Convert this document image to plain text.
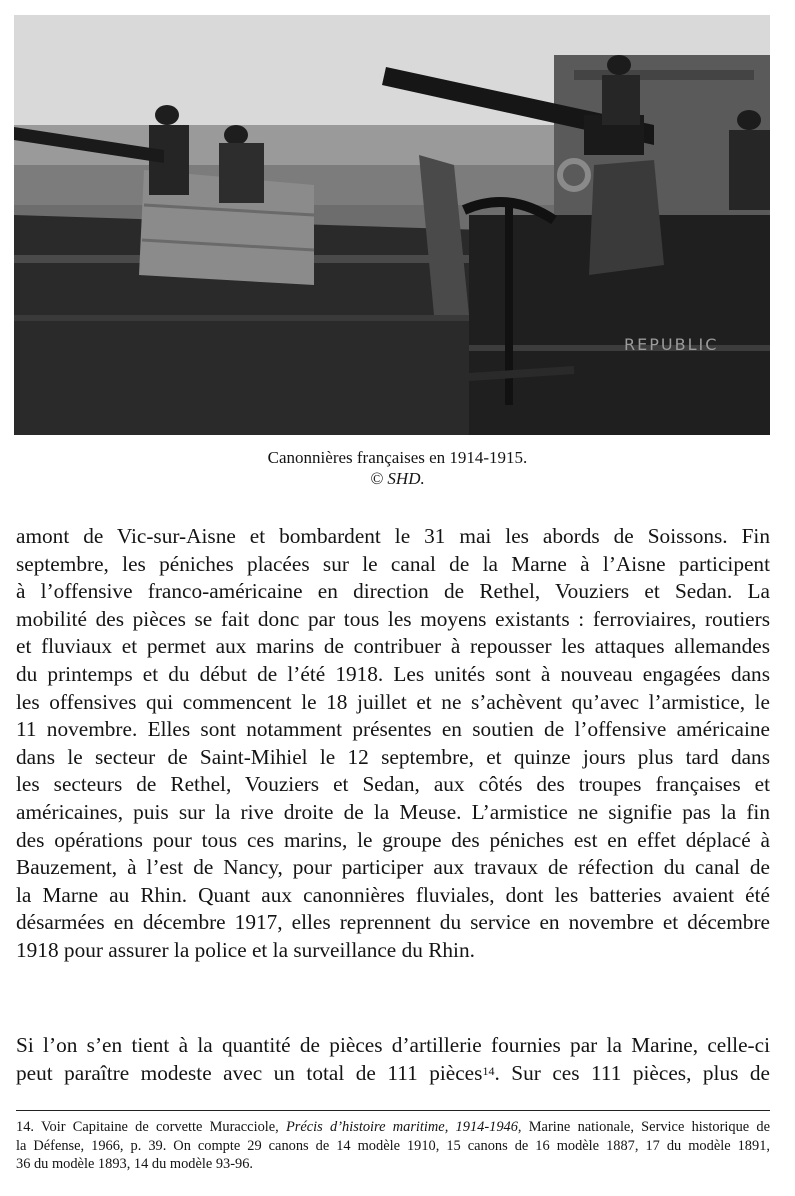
REPUBLIC
Canonnières françaises en 1914-1915.
© SHD.
amont de Vic-sur-Aisne et bombardent le 31 mai les abords de Soissons. Fin
septembre, les péniches placées sur le canal de la Marne à l’Aisne participent
à l’offensive franco-américaine en direction de Rethel, Vouziers et Sedan. La
mobilité des pièces se fait donc par tous les moyens existants : ferroviaires, routiers
et fluviaux et permet aux marins de contribuer à repousser les attaques allemandes
du printemps et du début de l’été 1918. Les unités sont à nouveau engagées dans
les offensives qui commencent le 18 juillet et ne s’achèvent qu’avec l’armistice, le
11 novembre. Elles sont notamment présentes en soutien de l’offensive américaine
dans le secteur de Saint-Mihiel le 12 septembre, et quinze jours plus tard dans
les secteurs de Rethel, Vouziers et Sedan, aux côtés des troupes françaises et
américaines, puis sur la rive droite de la Meuse. L’armistice ne signifie pas la fin
des opérations pour tous ces marins, le groupe des péniches est en effet déplacé à
Bauzement, à l’est de Nancy, pour participer aux travaux de réfection du canal de
la Marne au Rhin. Quant aux canonnières fluviales, dont les batteries avaient été
désarmées en décembre 1917, elles reprennent du service en novembre et décembre
1918 pour assurer la police et la surveillance du Rhin.
Si l’on s’en tient à la quantité de pièces d’artillerie fournies par la Marine, celle-ci
peut paraître modeste avec un total de 111 pièces$^{14}$. Sur ces 111 pièces, plus de
14. Voir Capitaine de corvette Muracciole, Précis d’histoire maritime, 1914-1946, Marine nationale, Service historique de
la Défense, 1966, p. 39. On compte 29 canons de 14 modèle 1910, 15 canons de 16 modèle 1887, 17 du modèle 1891,
36 du modèle 1893, 14 du modèle 93-96.
